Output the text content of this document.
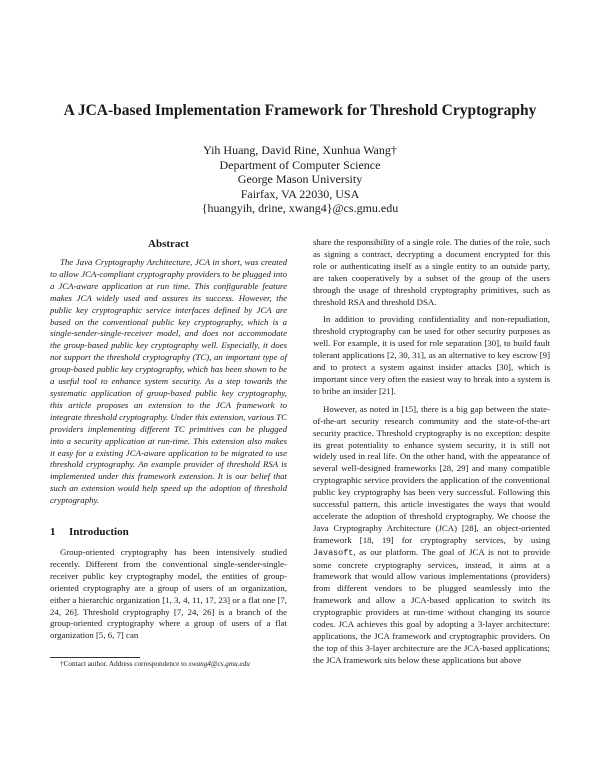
A JCA-based Implementation Framework for Threshold Cryptography
Yih Huang, David Rine, Xunhua Wang†
Department of Computer Science
George Mason University
Fairfax, VA 22030, USA
{huangyih, drine, xwang4}@cs.gmu.edu
Abstract

The Java Cryptography Architecture, JCA in short, was created to allow JCA-compliant cryptography providers to be plugged into a JCA-aware application at run time. This configurable feature makes JCA widely used and assures its success. However, the public key cryptographic service interfaces defined by JCA are based on the conventional public key cryptography, which is a single-sender-single-receiver model, and does not accommodate the group-based public key cryptography well. Especially, it does not support the threshold cryptography (TC), an important type of group-based public key cryptography, which has been shown to be a useful tool to enhance system security. As a step towards the systematic application of group-based public key cryptography, this article proposes an extension to the JCA framework to integrate threshold cryptography. Under this extension, various TC providers implementing different TC primitives can be plugged into a security application at run-time. This extension also makes it easy for a existing JCA-aware application to be migrated to use threshold cryptography. An example provider of threshold RSA is implemented under this framework extension. It is our belief that such an extension would help speed up the adoption of threshold cryptography.

1 Introduction

Group-oriented cryptography has been intensively studied recently. Different from the conventional single-sender-single-receiver public key cryptography model, the entities of group-oriented cryptography are a group of users of an organization, either a hierarchic organization [1, 3, 4, 11, 17, 23] or a flat one [7, 24, 26]. Threshold cryptography [7, 24, 26] is a branch of the group-oriented cryptography where a group of users of a flat organization [5, 6, 7] can

†Contact author. Address correspondence to xwang4@cs.gmu.edu

share the responsibility of a single role. The duties of the role, such as signing a contract, decrypting a document encrypted for this role or authenticating itself as a single entity to an outside party, are taken cooperatively by a subset of the group of the users through the usage of threshold cryptography primitives, such as threshold RSA and threshold DSA.

In addition to providing confidentiality and non-repudiation, threshold cryptography can be used for other security purposes as well. For example, it is used for role separation [30], to build fault tolerant applications [2, 30, 31], as an alternative to key escrow [9] and to protect a system against insider attacks [30], which is important since very often the easiest way to break into a system is to bribe an insider [21].

However, as noted in [15], there is a big gap between the state-of-the-art security research community and the state-of-the-art security practice. Threshold cryptography is no exception: despite its great potentiality to enhance system security, it is still not widely used in real life. On the other hand, with the appearance of several well-designed frameworks [28, 29] and many compatible cryptographic service providers the application of the conventional public key cryptography has been very successful. Following this successful pattern, this article investigates the ways that would accelerate the adoption of threshold cryptography. We choose the Java Cryptography Architecture (JCA) [28], an object-oriented framework [18, 19] for cryptography services, by using Javasoft, as our platform. The goal of JCA is not to provide some concrete cryptography services, instead, it aims at a framework that would allow various implementations (providers) from different vendors to be plugged seamlessly into the framework and allow a JCA-based application to switch its cryptographic providers at run-time without changing its source codes. JCA achieves this goal by adopting a 3-layer architecture: applications, the JCA framework and cryptographic providers. On the top of this 3-layer architecture are the JCA-based applications; the JCA framework sits below these applications but above
